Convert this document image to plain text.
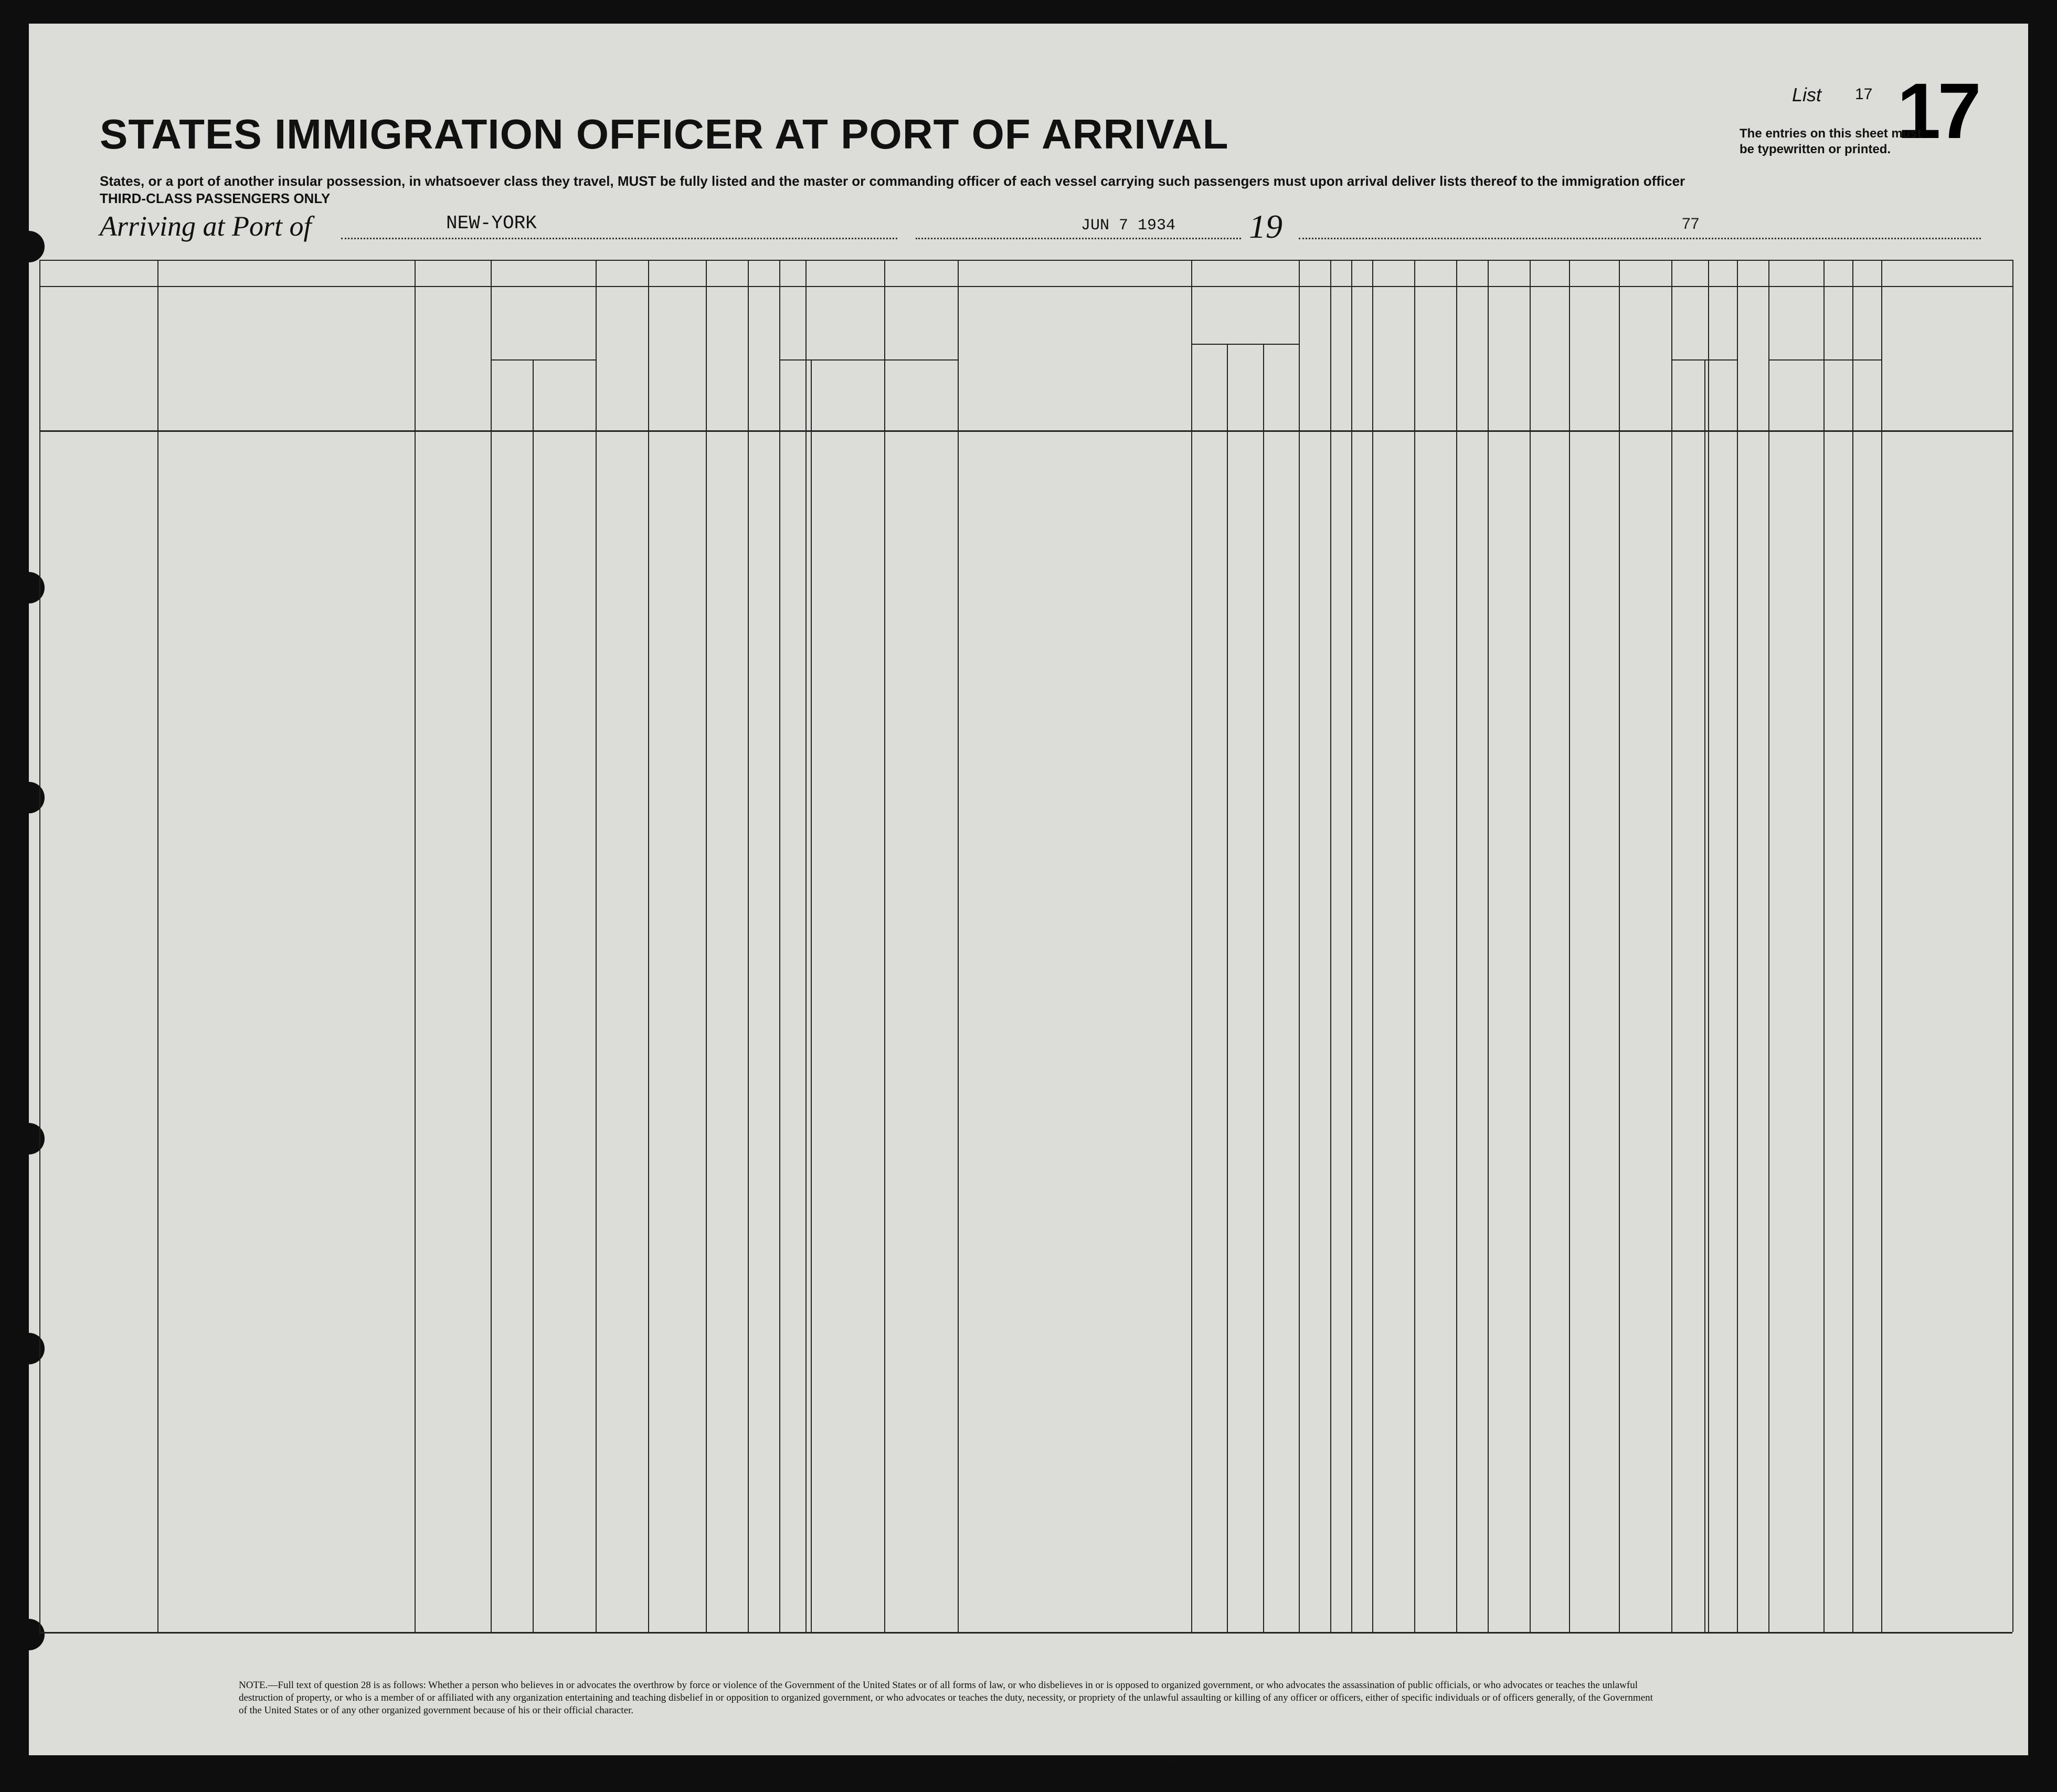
STATES IMMIGRATION OFFICER AT PORT OF ARRIVAL
States, or a port of another insular possession, in whatsoever class they travel, MUST be fully listed and the master or commanding officer of each vessel carrying such passengers must upon arrival deliver lists thereof to the immigration officer
THIRD-CLASS PASSENGERS ONLY
List 17 17
The entries on this sheet must
be typewritten or printed.
Arriving at Port of	NEW-YORK	JUN 7 1934 19	77
NOTE.—Full text of question 28 is as follows: Whether a person who believes in or advocates the overthrow by force or violence of the Government of the United States or of all forms of law, or who disbelieves in or is opposed to organized government, or who advocates the assassination of public officials, or who advocates or teaches the unlawful destruction of property, or who is a member of or affiliated with any organization entertaining and teaching disbelief in or opposition to organized government, or who advocates or teaches the duty, necessity, or propriety of the unlawful assaulting or killing of any officer or officers, either of specific individuals or of officers generally, of the Government of the United States or of any other organized government because of his or their official character.
14—430
